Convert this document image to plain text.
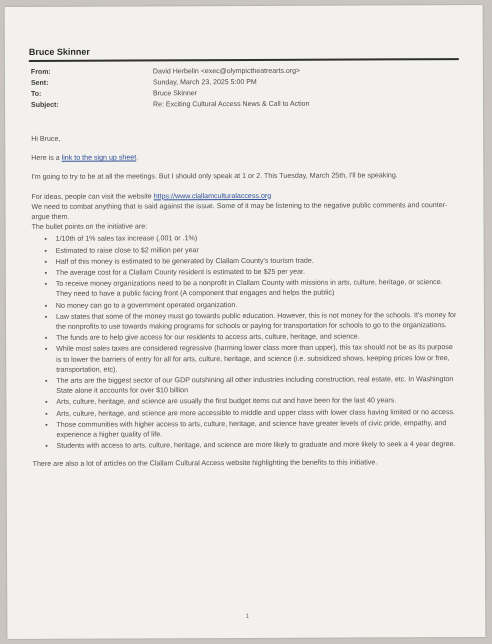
Bruce Skinner
From:	David Herbelin <exec@olympictheatrearts.org>
Sent:	Sunday, March 23, 2025 5:00 PM
To:	Bruce Skinner
Subject:	Re: Exciting Cultural Access News & Call to Action

Hi Bruce,

Here is a link to the sign up sheet.

I'm going to try to be at all the meetings. But I should only speak at 1 or 2. This Tuesday, March 25th, I'll be speaking.

For ideas, people can visit the website https://www.clallamculturalaccess.org

We need to combat anything that is said against the issue. Some of it may be listening to the negative public comments and counter-argue them.

The bullet points on the initiative are:

• 1/10th of 1% sales tax increase (.001 or .1%)
• Estimated to raise close to $2 million per year
• Half of this money is estimated to be generated by Clallam County's tourism trade.
• The average cost for a Clallam County resident is estimated to be $25 per year.
• To receive money organizations need to be a nonprofit in Clallam County with missions in arts, culture, heritage, or science. They need to have a public facing front (A component that engages and helps the public)
• No money can go to a government operated organization.
• Law states that some of the money must go towards public education. However, this is not money for the schools. It's money for the nonprofits to use towards making programs for schools or paying for transportation for schools to go to the organizations.
• The funds are to help give access for our residents to access arts, culture, heritage, and science.
• While most sales taxes are considered regressive (harming lower class more than upper), this tax should not be as its purpose is to lower the barriers of entry for all for arts, culture, heritage, and science (i.e. subsidized shows, keeping prices low or free, transportation, etc).
• The arts are the biggest sector of our GDP outshining all other industries including construction, real estate, etc. In Washington State alone it accounts for over $10 billion
• Arts, culture, heritage, and science are usually the first budget items cut and have been for the last 40 years.
• Arts, culture, heritage, and science are more accessible to middle and upper class with lower class having limited or no access.
• Those communities with higher access to arts, culture, heritage, and science have greater levels of civic pride, empathy, and experience a higher quality of life.
• Students with access to arts, culture, heritage, and science are more likely to graduate and more likely to seek a 4 year degree.

There are also a lot of articles on the Clallam Cultural Access website highlighting the benefits to this initiative.

1
